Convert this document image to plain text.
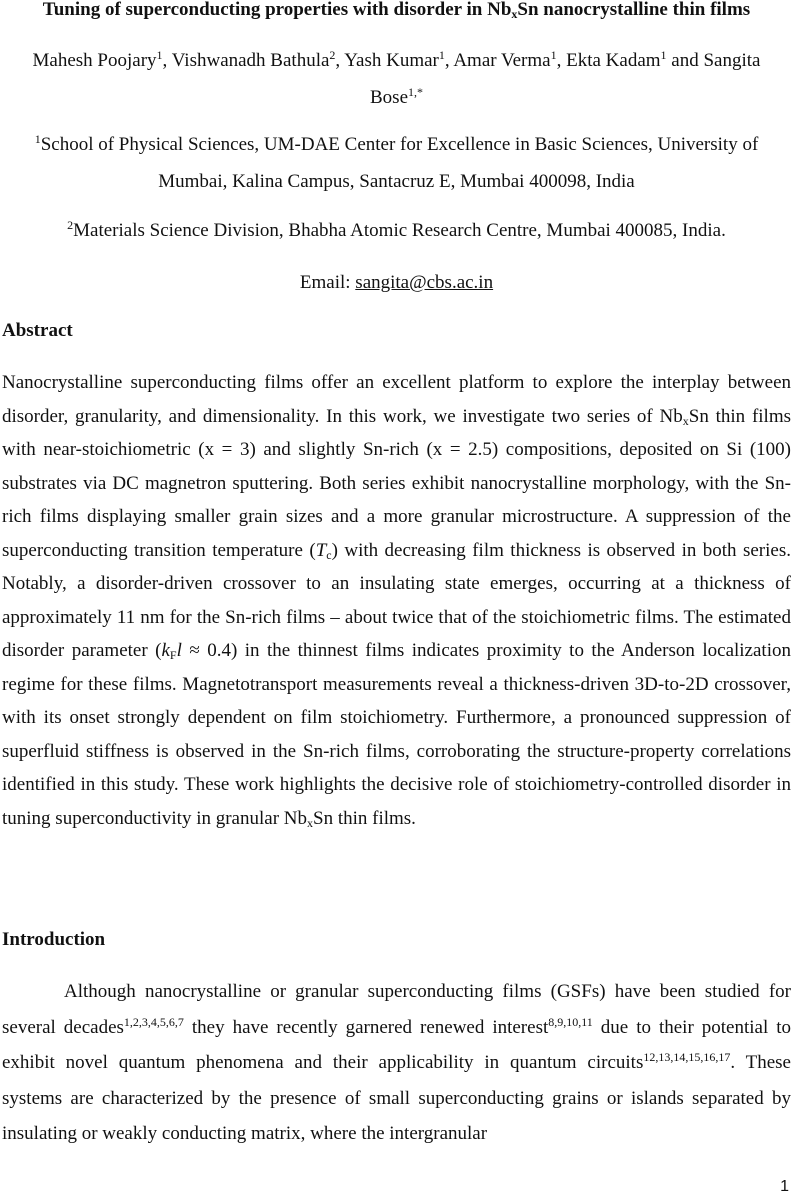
Tuning of superconducting properties with disorder in $Nb_xSn$ nanocrystalline thin films

Mahesh Poojary$^1$, Vishwanadh Bathula$^2$, Yash Kumar$^1$, Amar Verma$^1$, Ekta Kadam$^1$ and Sangita Bose$^{1,*}$

$^1$School of Physical Sciences, UM-DAE Center for Excellence in Basic Sciences, University of Mumbai, Kalina Campus, Santacruz E, Mumbai 400098, India

$^2$Materials Science Division, Bhabha Atomic Research Centre, Mumbai 400085, India.

Email: sangita@cbs.ac.in

Abstract

Nanocrystalline superconducting films offer an excellent platform to explore the interplay between disorder, granularity, and dimensionality. In this work, we investigate two series of $Nb_xSn$ thin films with near-stoichiometric (x = 3) and slightly Sn-rich (x = 2.5) compositions, deposited on Si (100) substrates via DC magnetron sputtering. Both series exhibit nanocrystalline morphology, with the Sn-rich films displaying smaller grain sizes and a more granular microstructure. A suppression of the superconducting transition temperature $(T_c)$ with decreasing film thickness is observed in both series. Notably, a disorder-driven crossover to an insulating state emerges, occurring at a thickness of approximately 11 nm for the Sn-rich films – about twice that of the stoichiometric films. The estimated disorder parameter $(k_Fl \approx 0.4)$ in the thinnest films indicates proximity to the Anderson localization regime for these films. Magnetotransport measurements reveal a thickness-driven 3D-to-2D crossover, with its onset strongly dependent on film stoichiometry. Furthermore, a pronounced suppression of superfluid stiffness is observed in the Sn-rich films, corroborating the structure-property correlations identified in this study. These work highlights the decisive role of stoichiometry-controlled disorder in tuning superconductivity in granular $Nb_xSn$ thin films.

Introduction

Although nanocrystalline or granular superconducting films (GSFs) have been studied for several decades$^{1,2,3,4,5,6,7}$ they have recently garnered renewed interest$^{8,9,10,11}$ due to their potential to exhibit novel quantum phenomena and their applicability in quantum circuits$^{12,13,14,15,16,17}$. These systems are characterized by the presence of small superconducting grains or islands separated by insulating or weakly conducting matrix, where the intergranular

1
